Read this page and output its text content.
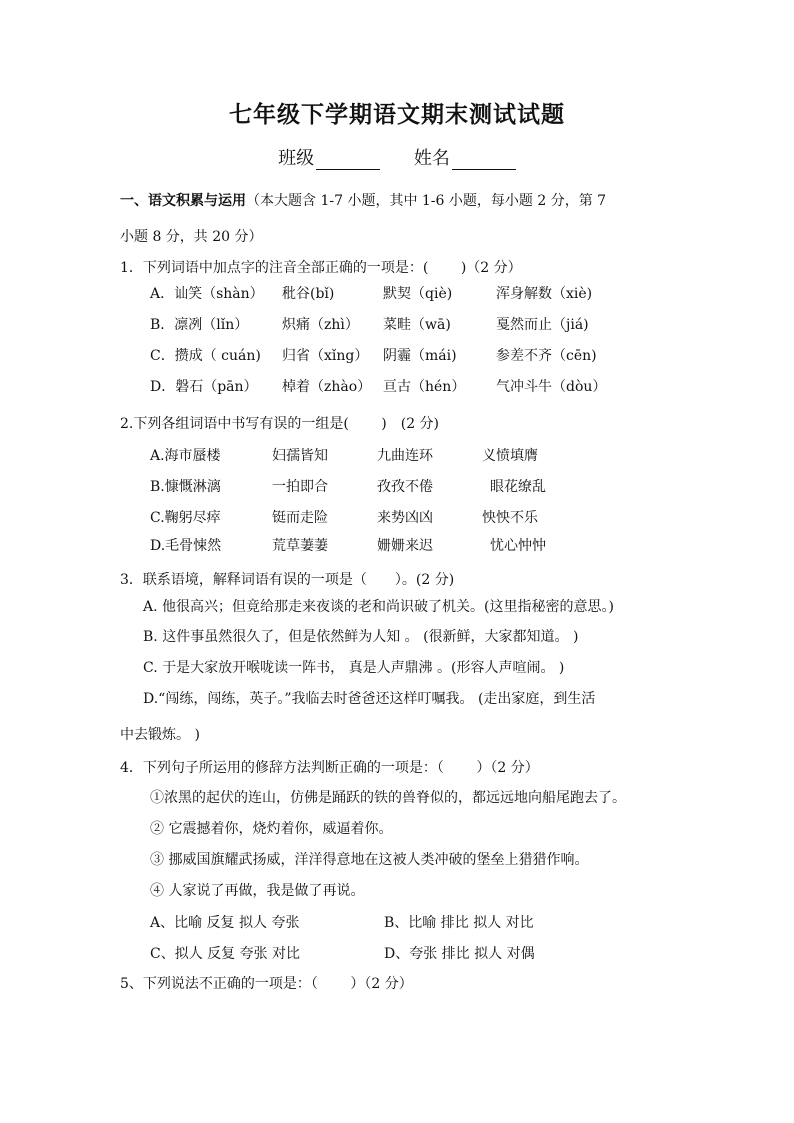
七年级下学期语文期末测试试题
班级	姓名
一、语文积累与运用（本大题含 1-7 小题，其中 1-6 小题，每小题 2 分，第 7
小题 8 分，共 20 分）
1．下列词语中加点字的注音全部正确的一项是：(　　 )（2 分）
A．讪笑（shàn） 秕谷(bǐ)	默契（qiè)	浑身解数（xiè)
B．凛冽（lǐn） 炽痛（zhì） 菜畦（wā)	戛然而止（jiá)
C．攒成（ cuán) 归省（xǐng） 阴霾（mái)	参差不齐（cēn)
D．磐石（pān） 棹着（zhào） 亘古（hén） 气冲斗牛（dòu）
2.下列各组词语中书写有误的一组是(　　 )　(2 分)
A.海市蜃楼	妇孺皆知	九曲连环	义愤填膺
B.慷慨淋漓	一拍即合	孜孜不倦	眼花缭乱
C.鞠躬尽瘁	铤而走险	来势凶凶	怏怏不乐
D.毛骨悚然	荒草萋萋	姗姗来迟	忧心忡忡
3．联系语境，解释词语有误的一项是（　　）。(2 分)
A. 他很高兴；但竟给那走来夜谈的老和尚识破了机关。(这里指秘密的意思。)
B. 这件事虽然很久了，但是依然鲜为人知 。 (很新鲜，大家都知道。 )
C. 于是大家放开喉咙读一阵书， 真是人声鼎沸 。(形容人声喧闹。 )
D.“闯练，闯练，英子。”我临去时爸爸还这样叮嘱我。 (走出家庭，到生活
中去锻炼。 )
4．下列句子所运用的修辞方法判断正确的一项是：（　　 ）（2 分）
①浓黑的起伏的连山，仿佛是踊跃的铁的兽脊似的，都远远地向船尾跑去了。
② 它震撼着你，烧灼着你，威逼着你。
③ 挪威国旗耀武扬威，洋洋得意地在这被人类冲破的堡垒上猎猎作响。
④ 人家说了再做，我是做了再说。
A、比喻 反复 拟人 夸张	B、比喻 排比 拟人 对比
C、拟人 反复 夸张 对比	D、夸张 排比 拟人 对偶
5、下列说法不正确的一项是：（　　 ）（2 分）
